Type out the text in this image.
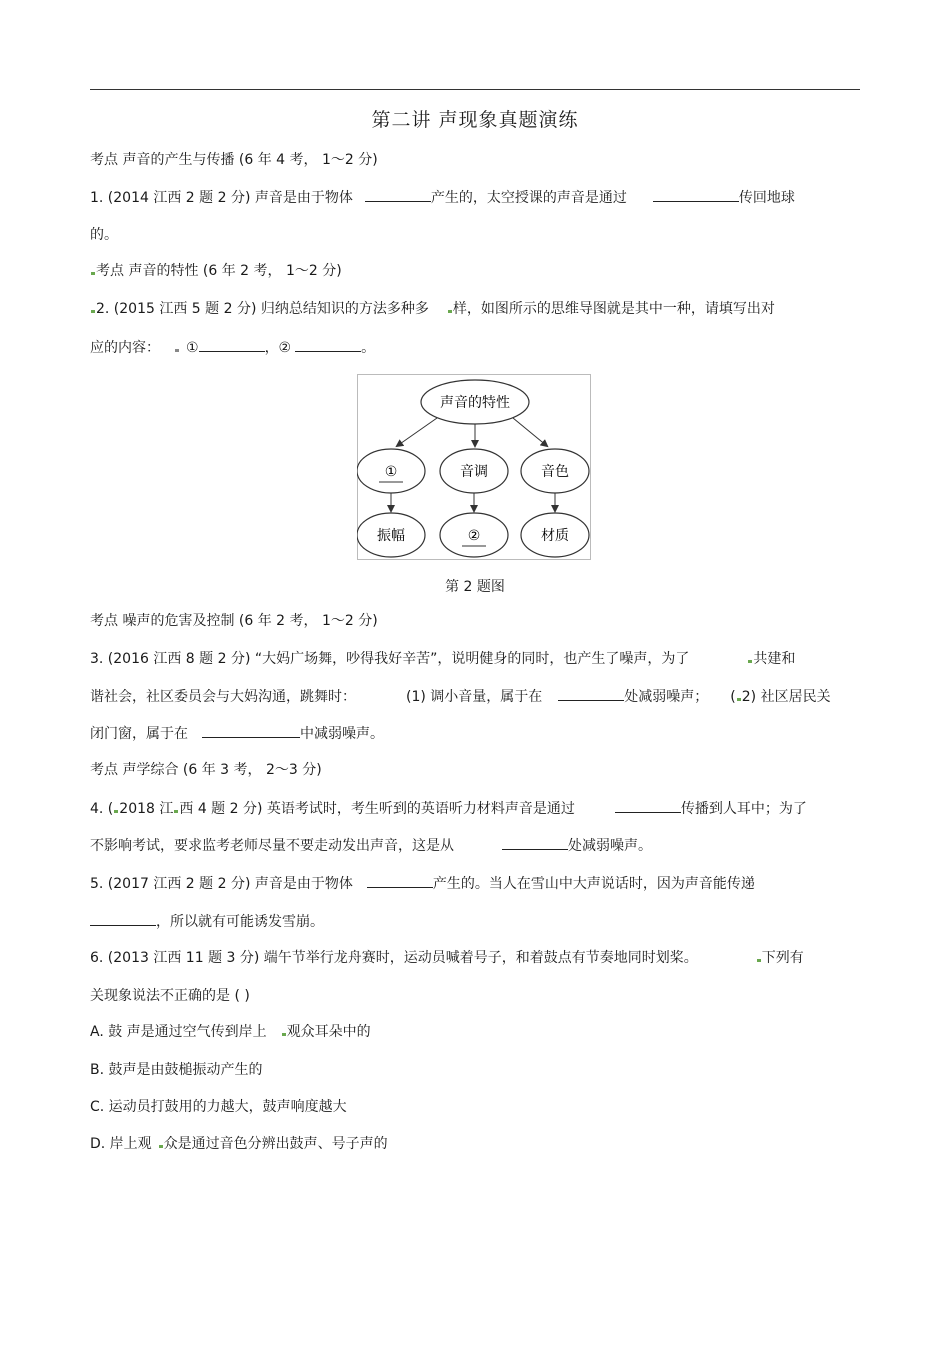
第二讲 声现象真题演练
考点 声音的产生与传播 (6 年 4 考， 1～2 分)
1. (2014 江西 2 题 2 分) 声音是由于物体	产生的，太空授课的声音是通过	传回地球
的。
考点 声音的特性 (6 年 2 考， 1～2 分)
2. (2015 江西 5 题 2 分) 归纳总结知识的方法多种多 样，如图所示的思维导图就是其中一种，请填写出对
应的内容： ①	，②	。
声音的特性
①	音调	音色
振幅	②	材质
第 2 题图
考点 噪声的危害及控制 (6 年 2 考， 1～2 分)
3. (2016 江西 8 题 2 分) “大妈广场舞，吵得我好辛苦”，说明健身的同时，也产生了噪声，为了	共建和
谐社会，社区委员会与大妈沟通，跳舞时：	(1) 调小音量，属于在	处减弱噪声； ( 2) 社区居民关
闭门窗，属于在	中减弱噪声。
考点 声学综合 (6 年 3 考， 2～3 分)
4. ( 2018 江 西 4 题 2 分) 英语考试时，考生听到的英语听力材料声音是通过	传播到人耳中；为了
不影响考试，要求监考老师尽量不要走动发出声音，这是从	处减弱噪声。
5. (2017 江西 2 题 2 分) 声音是由于物体	产生的。当人在雪山中大声说话时，因为声音能传递
，所以就有可能诱发雪崩。
6. (2013 江西 11 题 3 分) 端午节举行龙舟赛时，运动员喊着号子，和着鼓点有节奏地同时划桨。	下列有
关现象说法不正确的是 ( )
A. 鼓 声是通过空气传到岸上 观众耳朵中的
B. 鼓声是由鼓槌振动产生的
C. 运动员打鼓用的力越大，鼓声响度越大
D. 岸上观 众是通过音色分辨出鼓声、号子声的
